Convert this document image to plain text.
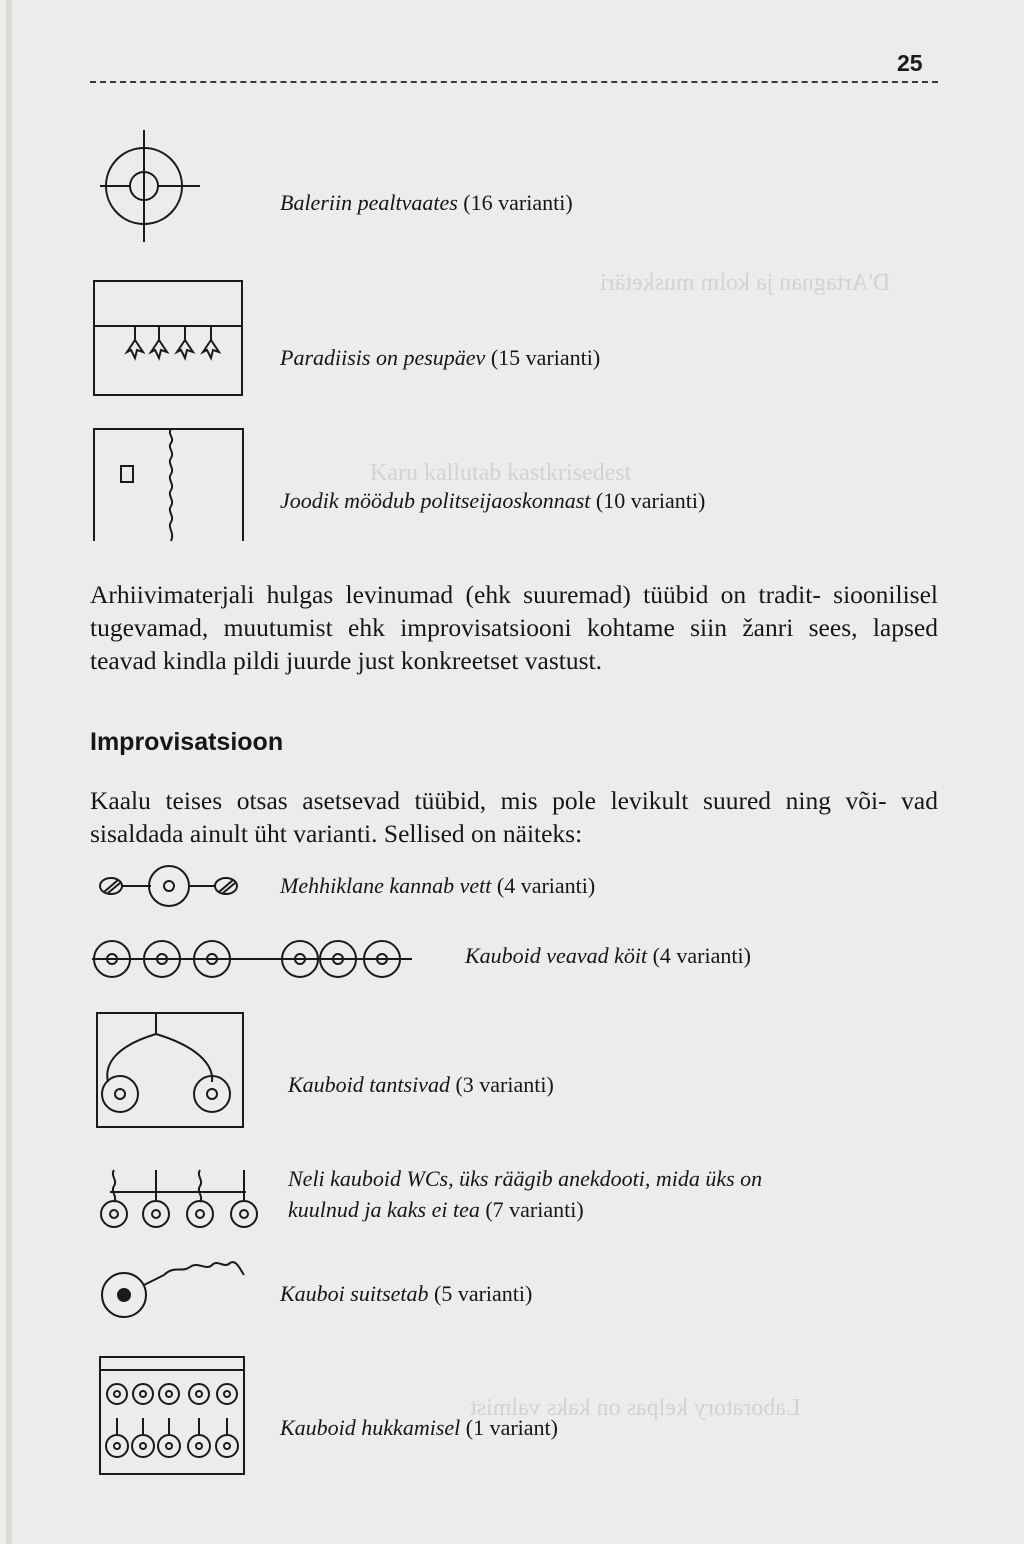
D'Artagnan ja kolm musketäri
Karu kallutab kastkrisedest
Laboratory kelpas on kaks valmist
25
Baleriin pealtvaates (16 varianti)
Paradiisis on pesupäev (15 varianti)
Joodik möödub politseijaoskonnast (10 varianti)
Arhiivimaterjali hulgas levinumad (ehk suuremad) tüübid on tradit- sioonilisel tugevamad, muutumist ehk improvisatsiooni kohtame siin žanri sees, lapsed teavad kindla pildi juurde just konkreetset vastust.
Improvisatsioon
Kaalu teises otsas asetsevad tüübid, mis pole levikult suured ning või- vad sisaldada ainult üht varianti. Sellised on näiteks:
Mehhiklane kannab vett (4 varianti)
Kauboid veavad köit (4 varianti)
Kauboid tantsivad (3 varianti)
Neli kauboid WCs, üks räägib anekdooti, mida üks on
kuulnud ja kaks ei tea (7 varianti)
Kauboi suitsetab (5 varianti)
Kauboid hukkamisel (1 variant)
